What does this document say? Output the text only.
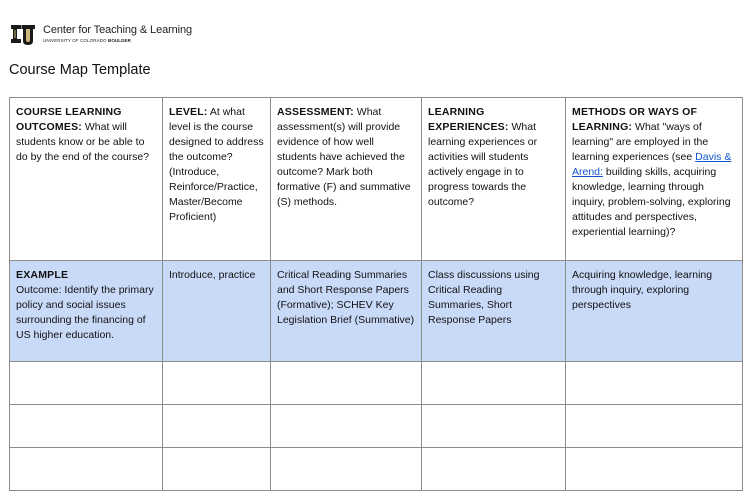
Center for Teaching & Learning
UNIVERSITY OF COLORADO BOULDER
Course Map Template
COURSE LEARNING OUTCOMES: What will students know or be able to do by the end of the course?	LEVEL: At what level is the course designed to address the outcome? (Introduce, Reinforce/Practice, Master/Become Proficient)	ASSESSMENT: What assessment(s) will provide evidence of how well students have achieved the outcome? Mark both formative (F) and summative (S) methods.	LEARNING EXPERIENCES: What learning experiences or activities will students actively engage in to progress towards the outcome?	METHODS OR WAYS OF LEARNING: What "ways of learning" are employed in the learning experiences (see Davis & Arend: building skills, acquiring knowledge, learning through inquiry, problem-solving, exploring attitudes and perspectives, experiential learning)?

EXAMPLE
Outcome: Identify the primary policy and social issues surrounding the financing of US higher education.	Introduce, practice	Critical Reading Summaries and Short Response Papers (Formative); SCHEV Key Legislation Brief (Summative)	Class discussions using Critical Reading Summaries, Short Response Papers	Acquiring knowledge, learning through inquiry, exploring perspectives
